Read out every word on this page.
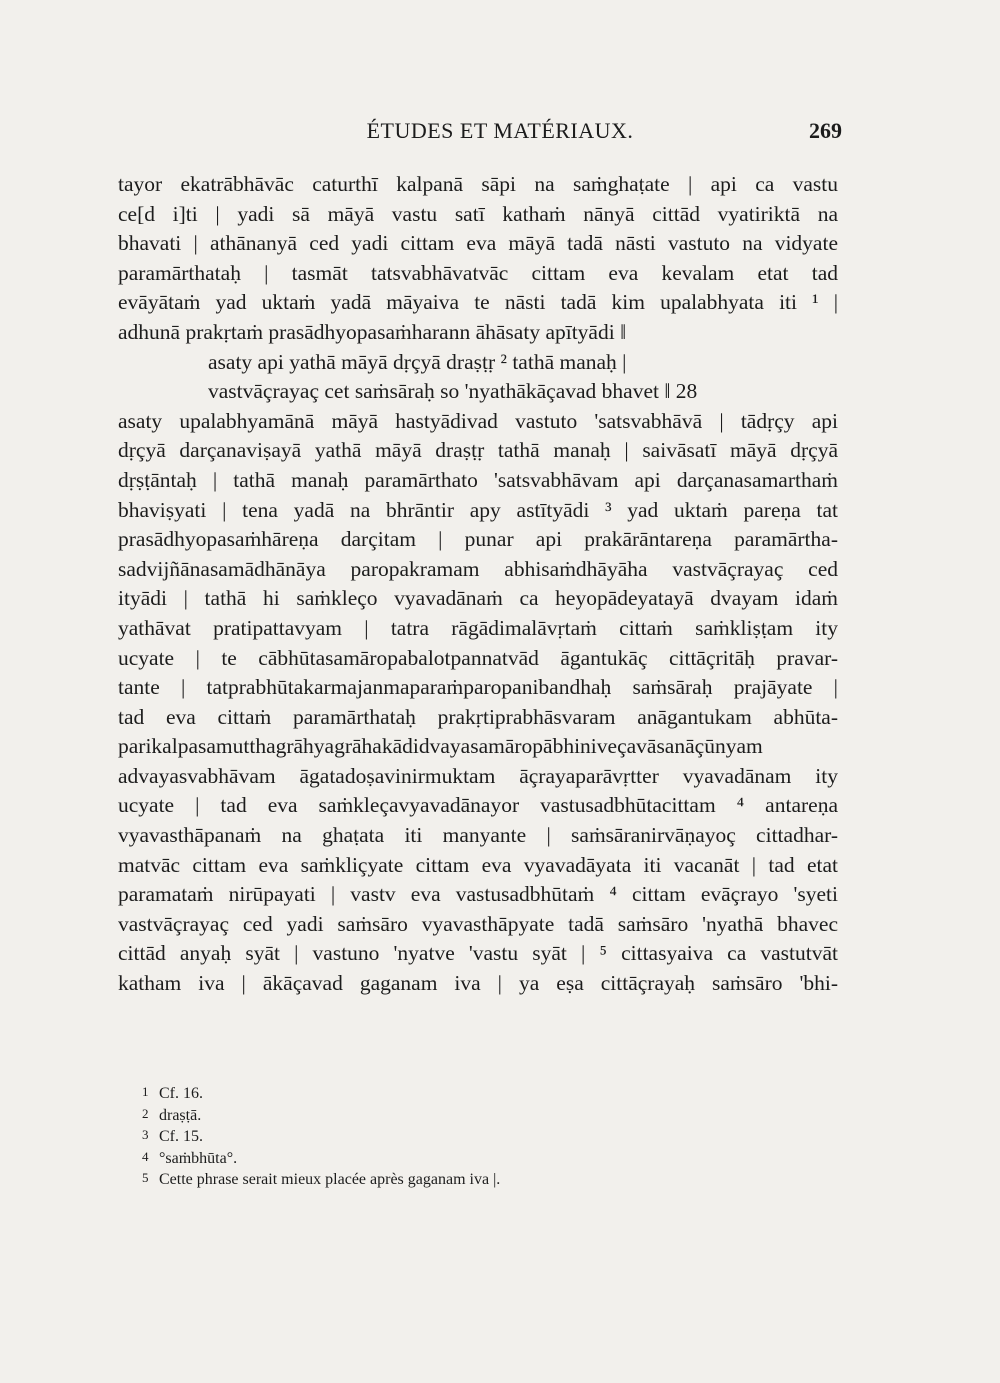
ÉTUDES ET MATÉRIAUX.	269
tayor ekatrābhāvāc caturthī kalpanā sāpi na saṁghaṭate | api ca vastu
ce[d i]ti | yadi sā māyā vastu satī kathaṁ nānyā cittād vyatiriktā na
bhavati | athānanyā ced yadi cittam eva māyā tadā nāsti vastuto na vidyate
paramārthataḥ | tasmāt tatsvabhāvatvāc cittam eva kevalam etat tad
evāyātaṁ yad uktaṁ yadā māyaiva te nāsti tadā kim upalabhyata iti ¹ |
adhunā prakṛtaṁ prasādhyopasaṁharann āhāsaty apītyādi ‖
asaty api yathā māyā dṛçyā draṣṭṛ ² tathā manaḥ |
vastvāçrayaç cet saṁsāraḥ so 'nyathākāçavad bhavet ‖ 28
asaty upalabhyamānā māyā hastyādivad vastuto 'satsvabhāvā | tādṛçy api
dṛçyā darçanaviṣayā yathā māyā draṣṭṛ tathā manaḥ | saivāsatī māyā dṛçyā
dṛṣṭāntaḥ | tathā manaḥ paramārthato 'satsvabhāvam api darçanasamarthaṁ
bhaviṣyati | tena yadā na bhrāntir apy astītyādi ³ yad uktaṁ pareṇa tat
prasādhyopasaṁhāreṇa darçitam | punar api prakārāntareṇa paramārtha-
sadvijñānasamādhānāya paropakramam abhisaṁdhāyāha vastvāçrayaç ced
ityādi | tathā hi saṁkleço vyavadānaṁ ca heyopādeyatayā dvayam idaṁ
yathāvat pratipattavyam | tatra rāgādimalāvṛtaṁ cittaṁ saṁkliṣṭam ity
ucyate | te cābhūtasamāropabalotpannatvād āgantukāç cittāçritāḥ pravar-
tante | tatprabhūtakarmajanmaparaṁparopanibandhaḥ saṁsāraḥ prajāyate |
tad eva cittaṁ paramārthataḥ prakṛtiprabhāsvaram anāgantukam abhūta-
parikalpasamutthagrāhyagrāhakādidvayasamāropābhiniveçavāsanāçūnyam
advayasvabhāvam āgatadoṣavinirmuktam āçrayaparāvṛtter vyavadānam ity
ucyate | tad eva saṁkleçavyavadānayor vastusadbhūtacittam ⁴ antareṇa
vyavasthāpanaṁ na ghaṭata iti manyante | saṁsāranirvāṇayoç cittadhar-
matvāc cittam eva saṁkliçyate cittam eva vyavadāyata iti vacanāt | tad etat
paramataṁ nirūpayati | vastv eva vastusadbhūtaṁ ⁴ cittam evāçrayo 'syeti
vastvāçrayaç ced yadi saṁsāro vyavasthāpyate tadā saṁsāro 'nyathā bhavec
cittād anyaḥ syāt | vastuno 'nyatve 'vastu syāt | ⁵ cittasyaiva ca vastutvāt
katham iva | ākāçavad gaganam iva | ya eṣa cittāçrayaḥ saṁsāro 'bhi-
1 Cf. 16.
2 draṣṭā.
3 Cf. 15.
4 °saṁbhūta°.
5 Cette phrase serait mieux placée après gaganam iva |.
